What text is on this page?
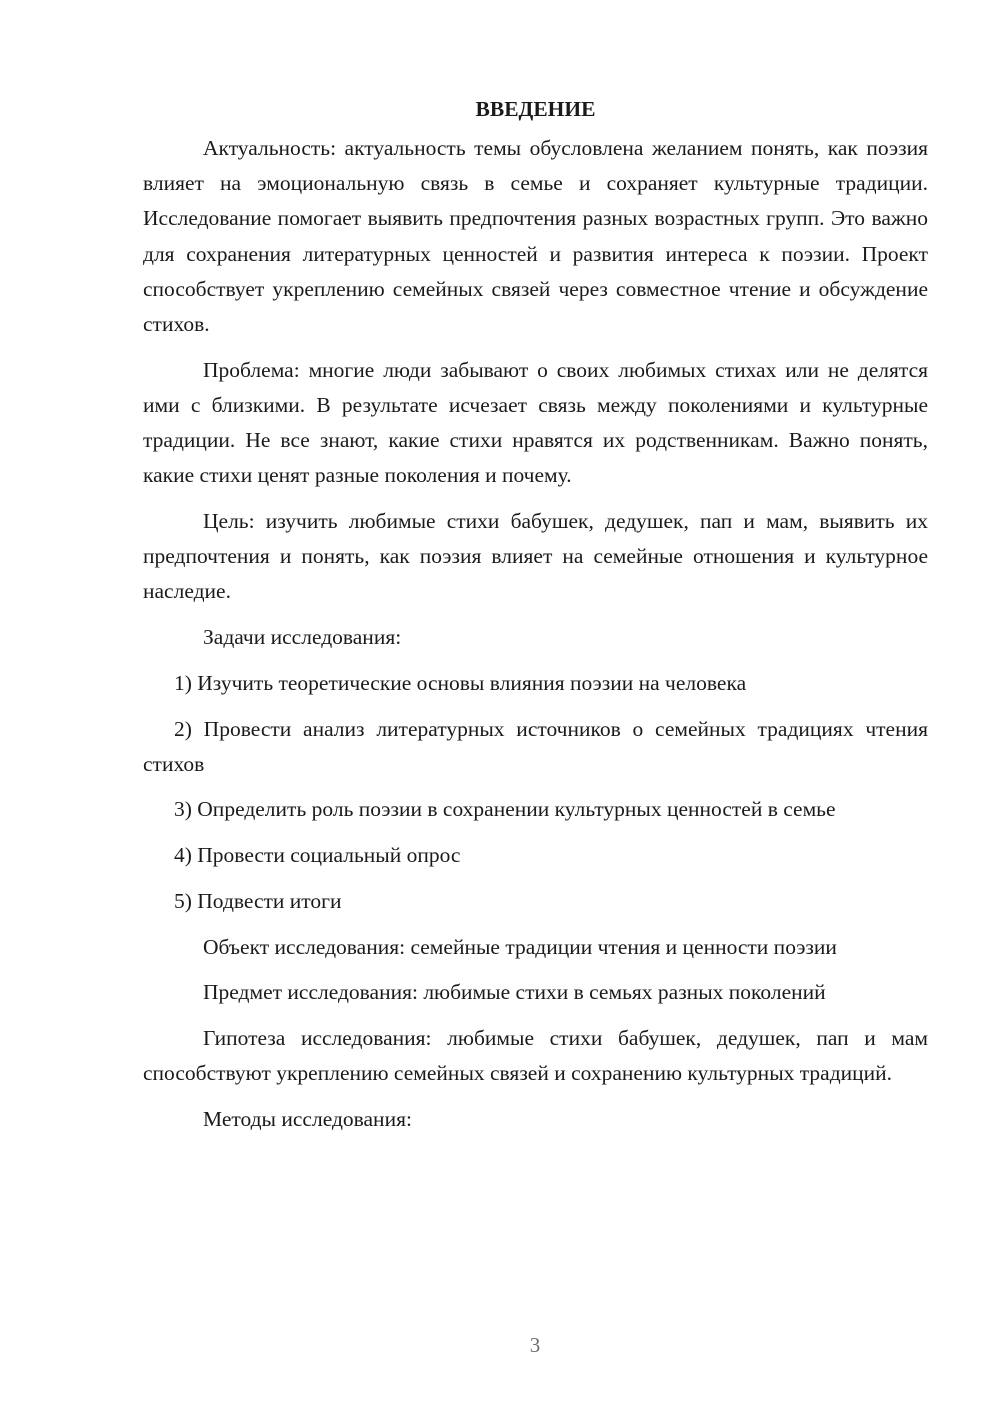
ВВЕДЕНИЕ

Актуальность: актуальность темы обусловлена желанием понять, как поэзия влияет на эмоциональную связь в семье и сохраняет культурные традиции. Исследование помогает выявить предпочтения разных возрастных групп. Это важно для сохранения литературных ценностей и развития интереса к поэзии. Проект способствует укреплению семейных связей через совместное чтение и обсуждение стихов.

Проблема: многие люди забывают о своих любимых стихах или не делятся ими с близкими. В результате исчезает связь между поколениями и культурные традиции. Не все знают, какие стихи нравятся их родственникам. Важно понять, какие стихи ценят разные поколения и почему.

Цель: изучить любимые стихи бабушек, дедушек, пап и мам, выявить их предпочтения и понять, как поэзия влияет на семейные отношения и культурное наследие.

Задачи исследования:

1) Изучить теоретические основы влияния поэзии на человека

2) Провести анализ литературных источников о семейных традициях чтения стихов

3) Определить роль поэзии в сохранении культурных ценностей в семье

4) Провести социальный опрос

5) Подвести итоги

Объект исследования: семейные традиции чтения и ценности поэзии

Предмет исследования: любимые стихи в семьях разных поколений

Гипотеза исследования: любимые стихи бабушек, дедушек, пап и мам способствуют укреплению семейных связей и сохранению культурных традиций.

Методы исследования:

3
